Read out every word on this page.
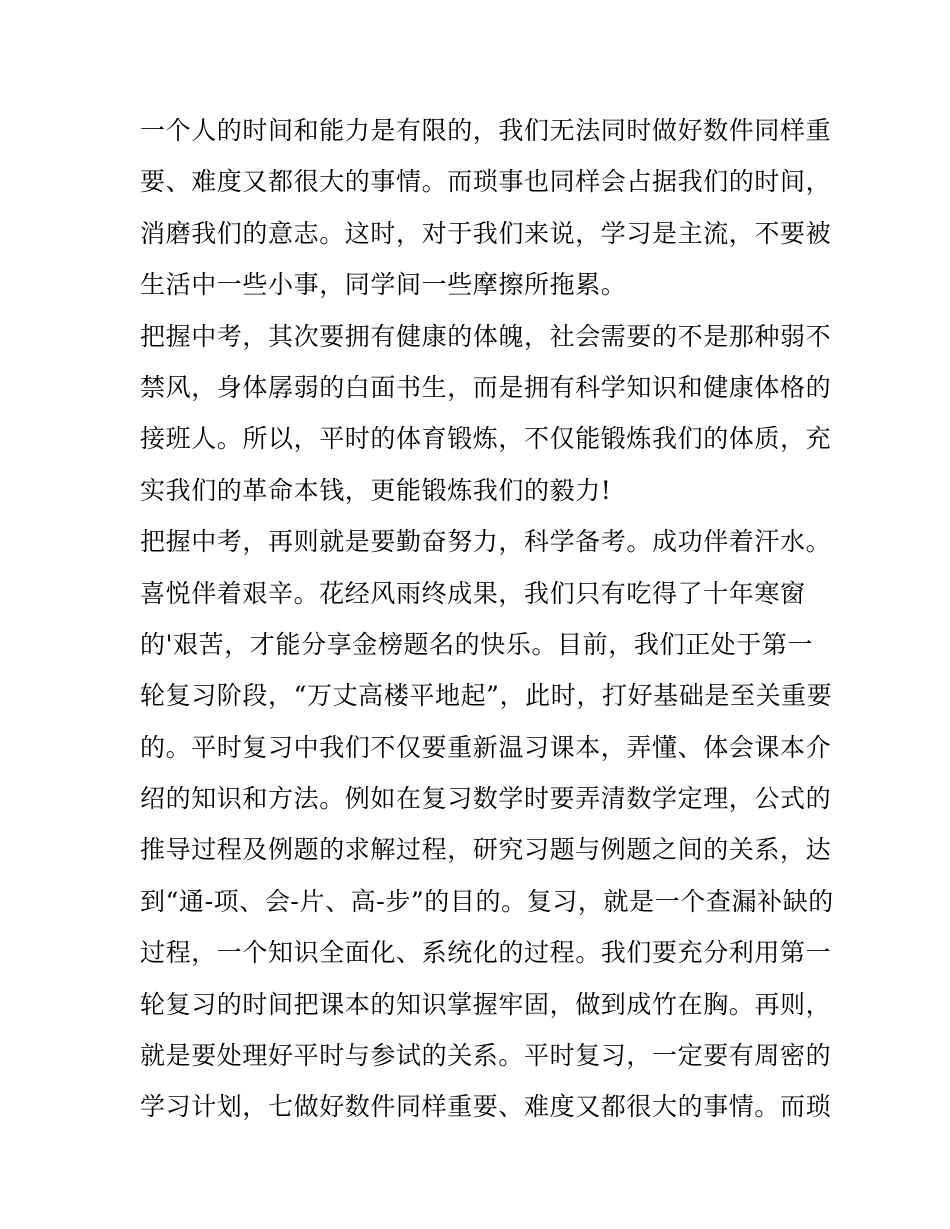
一个人的时间和能力是有限的，我们无法同时做好数件同样重
要、难度又都很大的事情。而琐事也同样会占据我们的时间，
消磨我们的意志。这时，对于我们来说，学习是主流，不要被
生活中一些小事，同学间一些摩擦所拖累。
把握中考，其次要拥有健康的体魄，社会需要的不是那种弱不
禁风，身体孱弱的白面书生，而是拥有科学知识和健康体格的
接班人。所以，平时的体育锻炼，不仅能锻炼我们的体质，充
实我们的革命本钱，更能锻炼我们的毅力!
把握中考，再则就是要勤奋努力，科学备考。成功伴着汗水。
喜悦伴着艰辛。花经风雨终成果，我们只有吃得了十年寒窗
的'艰苦，才能分享金榜题名的快乐。目前，我们正处于第一
轮复习阶段，“万丈高楼平地起”，此时，打好基础是至关重要
的。平时复习中我们不仅要重新温习课本，弄懂、体会课本介
绍的知识和方法。例如在复习数学时要弄清数学定理，公式的
推导过程及例题的求解过程，研究习题与例题之间的关系，达
到“通-项、会-片、高-步”的目的。复习，就是一个查漏补缺的
过程，一个知识全面化、系统化的过程。我们要充分利用第一
轮复习的时间把课本的知识掌握牢固，做到成竹在胸。再则，
就是要处理好平时与参试的关系。平时复习，一定要有周密的
学习计划，七做好数件同样重要、难度又都很大的事情。而琐
